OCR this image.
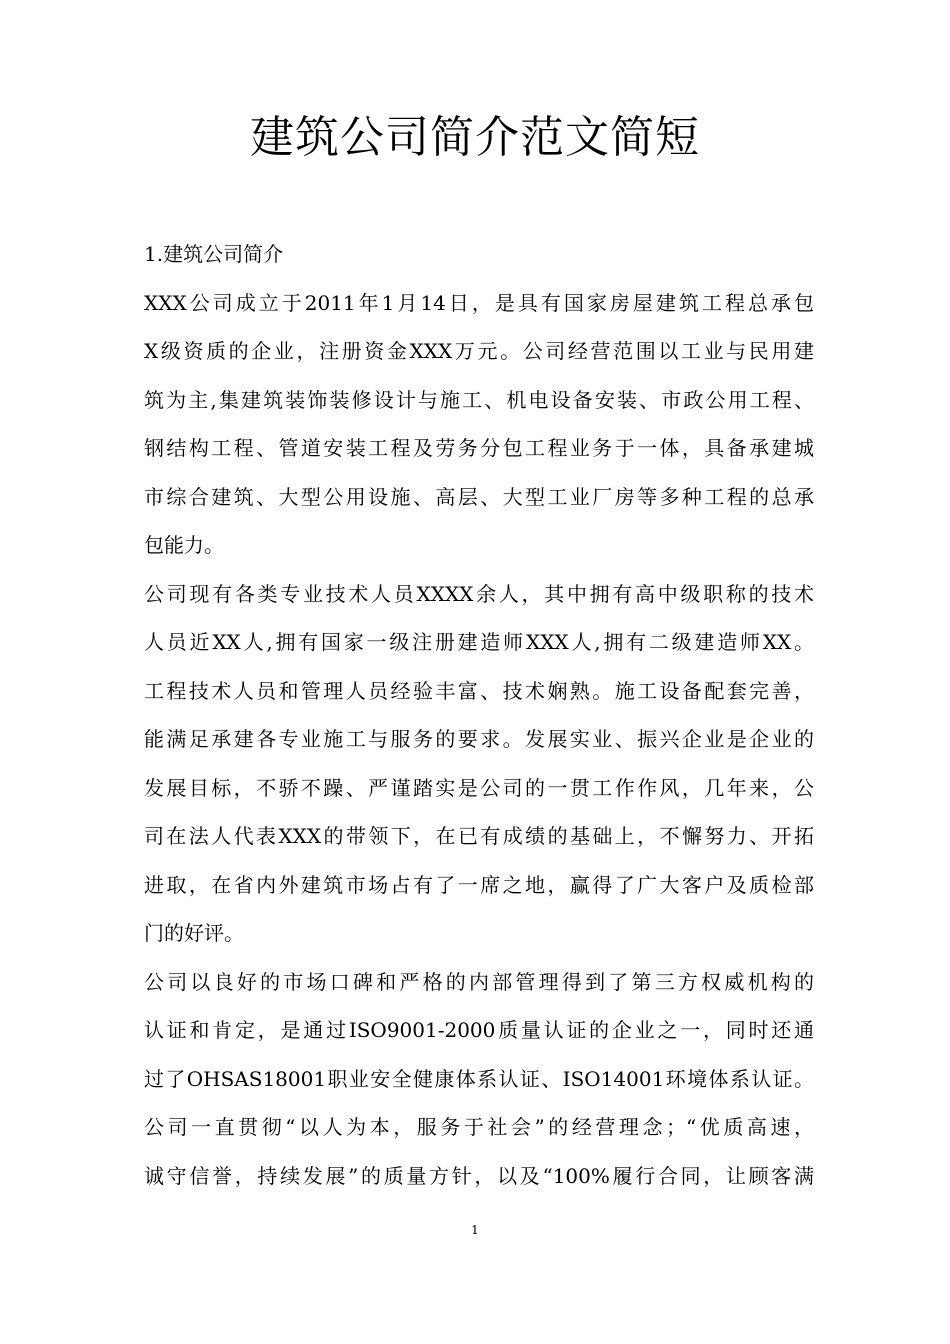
建筑公司简介范文简短
1.建筑公司简介
XXX公司成立于2011年1月14日，是具有国家房屋建筑工程总承包
X级资质的企业，注册资金XXX万元。公司经营范围以工业与民用建
筑为主,集建筑装饰装修设计与施工、机电设备安装、市政公用工程、
钢结构工程、管道安装工程及劳务分包工程业务于一体，具备承建城
市综合建筑、大型公用设施、高层、大型工业厂房等多种工程的总承
包能力。
公司现有各类专业技术人员XXXX余人，其中拥有高中级职称的技术
人员近XX人,拥有国家一级注册建造师XXX人,拥有二级建造师XX。
工程技术人员和管理人员经验丰富、技术娴熟。施工设备配套完善，
能满足承建各专业施工与服务的要求。发展实业、振兴企业是企业的
发展目标，不骄不躁、严谨踏实是公司的一贯工作作风，几年来，公
司在法人代表XXX的带领下，在已有成绩的基础上，不懈努力、开拓
进取，在省内外建筑市场占有了一席之地，赢得了广大客户及质检部
门的好评。
公司以良好的市场口碑和严格的内部管理得到了第三方权威机构的
认证和肯定，是通过ISO9001-2000质量认证的企业之一，同时还通
过了OHSAS18001职业安全健康体系认证、ISO14001环境体系认证。
公司一直贯彻“以人为本，服务于社会”的经营理念；“优质高速，
诚守信誉，持续发展”的质量方针，以及“100%履行合同，让顾客满
1
